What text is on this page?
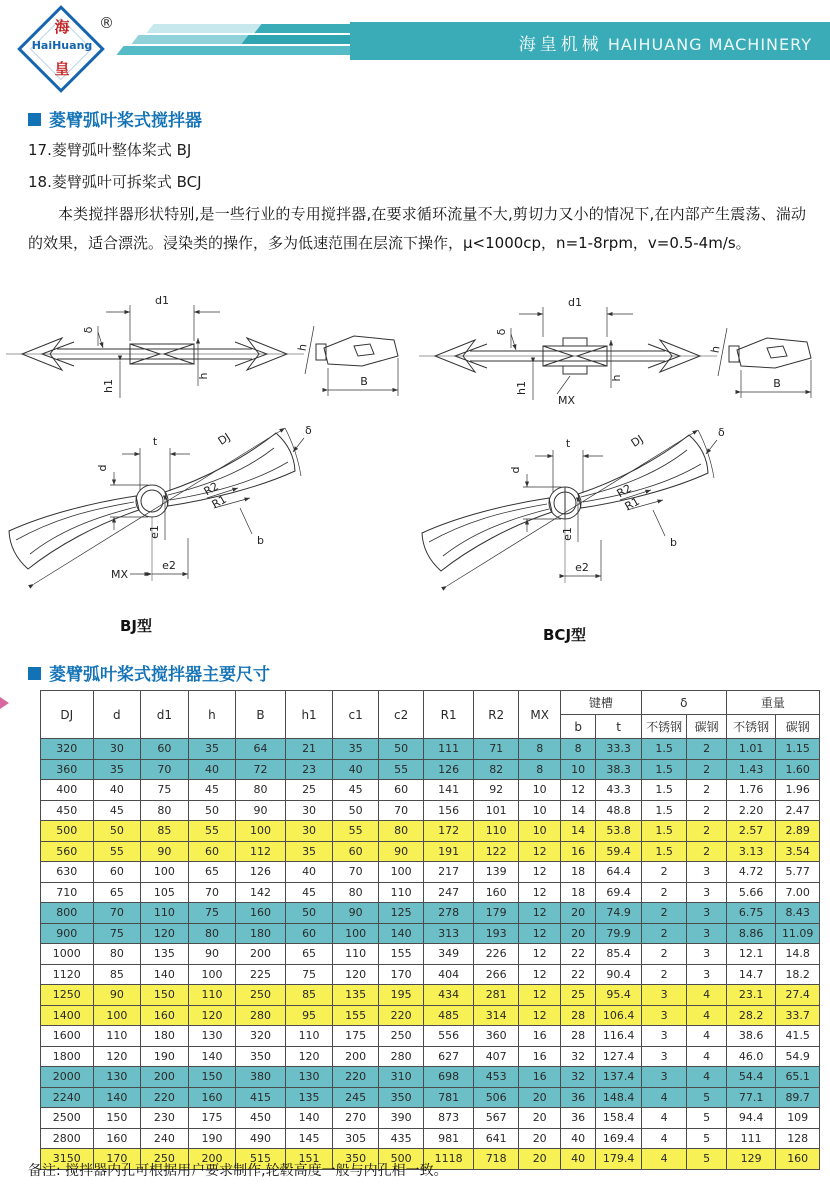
海
HaiHuang
皇
®
海皇机械 HAIHUANG MACHINERY
菱臂弧叶桨式搅拌器
17.菱臂弧叶整体桨式 BJ
18.菱臂弧叶可拆桨式 BCJ
本类搅拌器形状特别,是一些行业的专用搅拌器,在要求循环流量不大,剪切力又小的情况下,在内部产生震荡、湍动的效果，适合漂洗。浸染类的操作，多为低速范围在层流下操作，μ<1000cp，n=1-8rpm，v=0.5-4m/s。
d1
δ
h1
h
h
B
t	DJ	δ
d
R2
R1
b
e1
MX
e2
BJ型
d1
δ
h1
h
MX
h
B
t	DJ	δ
d
R2
R1
b
e1
e2
BCJ型
菱臂弧叶桨式搅拌器主要尺寸
DJ	d	d1	h	B	h1	c1	c2	R1	R2	MX	键槽		δ		重量	
											b	t	不锈钢	碳钢	不锈钢	碳钢
320	30	60	35	64	21	35	50	111	71	8	8	33.3	1.5	2	1.01	1.15
360	35	70	40	72	23	40	55	126	82	8	10	38.3	1.5	2	1.43	1.60
400	40	75	45	80	25	45	60	141	92	10	12	43.3	1.5	2	1.76	1.96
450	45	80	50	90	30	50	70	156	101	10	14	48.8	1.5	2	2.20	2.47
500	50	85	55	100	30	55	80	172	110	10	14	53.8	1.5	2	2.57	2.89
560	55	90	60	112	35	60	90	191	122	12	16	59.4	1.5	2	3.13	3.54
630	60	100	65	126	40	70	100	217	139	12	18	64.4	2	3	4.72	5.77
710	65	105	70	142	45	80	110	247	160	12	18	69.4	2	3	5.66	7.00
800	70	110	75	160	50	90	125	278	179	12	20	74.9	2	3	6.75	8.43
900	75	120	80	180	60	100	140	313	193	12	20	79.9	2	3	8.86	11.09
1000	80	135	90	200	65	110	155	349	226	12	22	85.4	2	3	12.1	14.8
1120	85	140	100	225	75	120	170	404	266	12	22	90.4	2	3	14.7	18.2
1250	90	150	110	250	85	135	195	434	281	12	25	95.4	3	4	23.1	27.4
1400	100	160	120	280	95	155	220	485	314	12	28	106.4	3	4	28.2	33.7
1600	110	180	130	320	110	175	250	556	360	16	28	116.4	3	4	38.6	41.5
1800	120	190	140	350	120	200	280	627	407	16	32	127.4	3	4	46.0	54.9
2000	130	200	150	380	130	220	310	698	453	16	32	137.4	3	4	54.4	65.1
2240	140	220	160	415	135	245	350	781	506	20	36	148.4	4	5	77.1	89.7
2500	150	230	175	450	140	270	390	873	567	20	36	158.4	4	5	94.4	109
2800	160	240	190	490	145	305	435	981	641	20	40	169.4	4	5	111	128
3150	170	250	200	515	151	350	500	1118	718	20	40	179.4	4	5	129	160
备注: 搅拌器内孔可根据用户要求制作,轮毂高度一般与内孔相一致。
